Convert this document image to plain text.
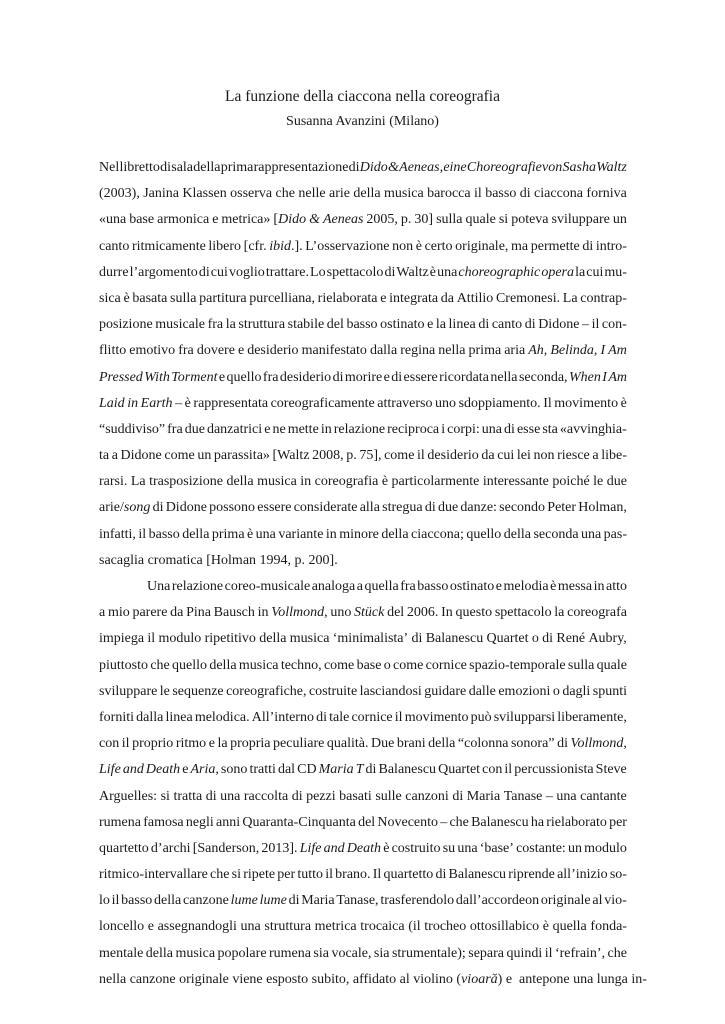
La funzione della ciaccona nella coreografia
Susanna Avanzini (Milano)
Nel libretto di sala della prima rappresentazione di Dido & Aeneas, eine Choreografie von Sasha Waltz
(2003), Janina Klassen osserva che nelle arie della musica barocca il basso di ciaccona forniva
«una base armonica e metrica» [Dido & Aeneas 2005, p. 30] sulla quale si poteva sviluppare un
canto ritmicamente libero [cfr. ibid.]. L’osservazione non è certo originale, ma permette di intro-
durre l’argomento di cui voglio trattare. Lo spettacolo di Waltz è una choreographic opera la cui mu-
sica è basata sulla partitura purcelliana, rielaborata e integrata da Attilio Cremonesi. La contrap-
posizione musicale fra la struttura stabile del basso ostinato e la linea di canto di Didone – il con-
flitto emotivo fra dovere e desiderio manifestato dalla regina nella prima aria Ah, Belinda, I Am
Pressed With Torment e quello fra desiderio di morire e di essere ricordata nella seconda, When I Am
Laid in Earth – è rappresentata coreograficamente attraverso uno sdoppiamento. Il movimento è
“suddiviso” fra due danzatrici e ne mette in relazione reciproca i corpi: una di esse sta «avvinghia-
ta a Didone come un parassita» [Waltz 2008, p. 75], come il desiderio da cui lei non riesce a libe-
rarsi. La trasposizione della musica in coreografia è particolarmente interessante poiché le due
arie/song di Didone possono essere considerate alla stregua di due danze: secondo Peter Holman,
infatti, il basso della prima è una variante in minore della ciaccona; quello della seconda una pas-
sacaglia cromatica [Holman 1994, p. 200].
Una relazione coreo-musicale analoga a quella fra basso ostinato e melodia è messa in atto
a mio parere da Pina Bausch in Vollmond, uno Stück del 2006. In questo spettacolo la coreografa
impiega il modulo ripetitivo della musica ‘minimalista’ di Balanescu Quartet o di René Aubry,
piuttosto che quello della musica techno, come base o come cornice spazio-temporale sulla quale
sviluppare le sequenze coreografiche, costruite lasciandosi guidare dalle emozioni o dagli spunti
forniti dalla linea melodica. All’interno di tale cornice il movimento può svilupparsi liberamente,
con il proprio ritmo e la propria peculiare qualità. Due brani della “colonna sonora” di Vollmond,
Life and Death e Aria, sono tratti dal CD Maria T di Balanescu Quartet con il percussionista Steve
Arguelles: si tratta di una raccolta di pezzi basati sulle canzoni di Maria Tanase – una cantante
rumena famosa negli anni Quaranta-Cinquanta del Novecento – che Balanescu ha rielaborato per
quartetto d’archi [Sanderson, 2013]. Life and Death è costruito su una ‘base’ costante: un modulo
ritmico-intervallare che si ripete per tutto il brano. Il quartetto di Balanescu riprende all’inizio so-
lo il basso della canzone lume lume di Maria Tanase, trasferendolo dall’accordeon originale al vio-
loncello e assegnandogli una struttura metrica trocaica (il trocheo ottosillabico è quella fonda-
mentale della musica popolare rumena sia vocale, sia strumentale); separa quindi il ‘refrain’, che
nella canzone originale viene esposto subito, affidato al violino ( vioară ) e  antepone una lunga in-
